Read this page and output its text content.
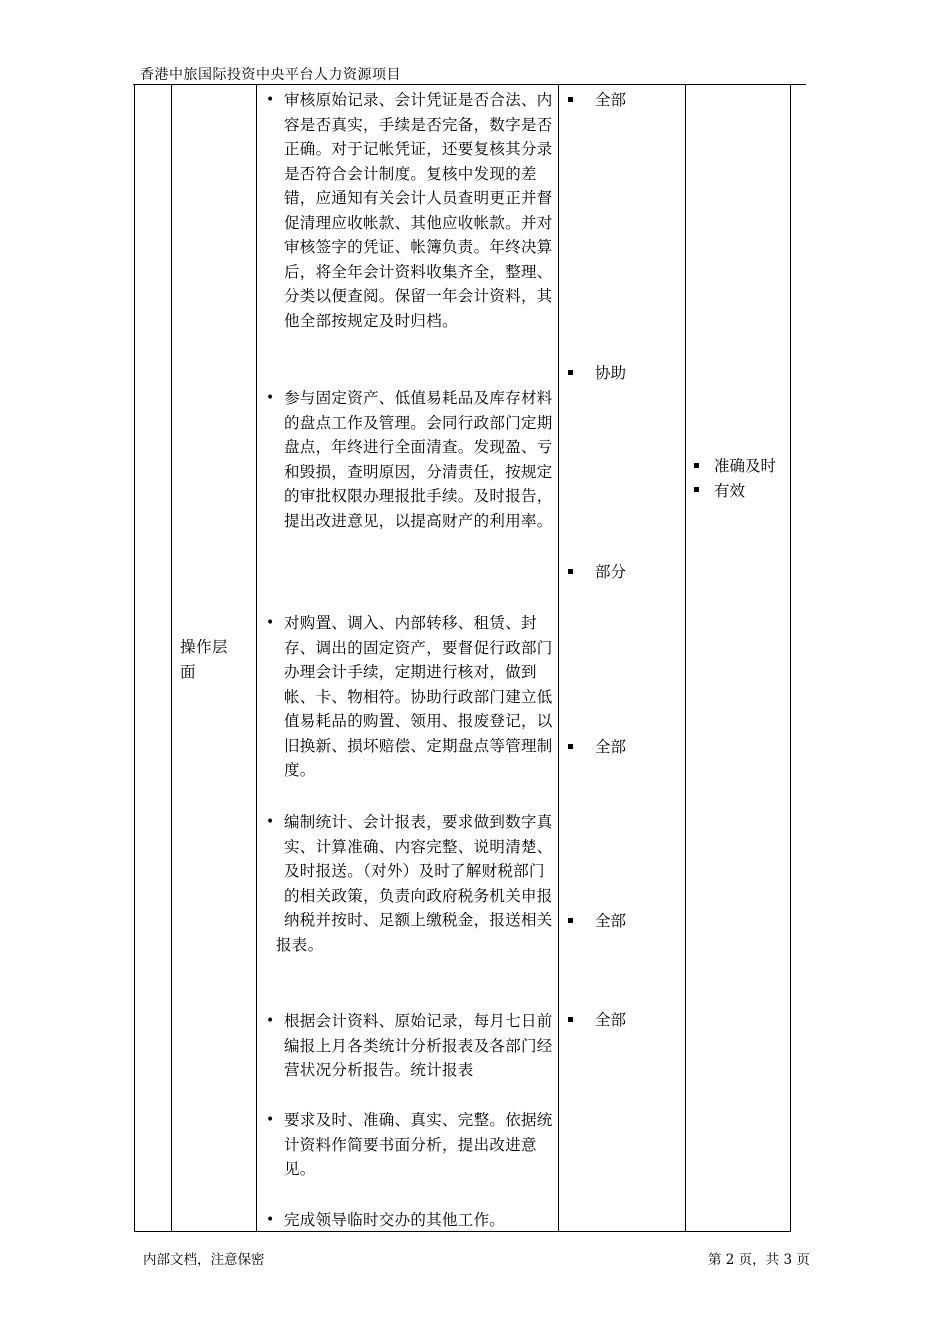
香港中旅国际投资中央平台人力资源项目
操作层面
• 审核原始记录、会计凭证是否合法、内容是否真实，手续是否完备，数字是否正确。对于记帐凭证，还要复核其分录是否符合会计制度。复核中发现的差错，应通知有关会计人员查明更正并督促清理应收帐款、其他应收帐款。并对审核签字的凭证、帐簿负责。年终决算后，将全年会计资料收集齐全，整理、分类以便查阅。保留一年会计资料，其他全部按规定及时归档。
• 参与固定资产、低值易耗品及库存材料的盘点工作及管理。会同行政部门定期盘点，年终进行全面清查。发现盈、亏和毁损，查明原因，分清责任，按规定的审批权限办理报批手续。及时报告，提出改进意见，以提高财产的利用率。
• 对购置、调入、内部转移、租赁、封存、调出的固定资产，要督促行政部门办理会计手续，定期进行核对，做到帐、卡、物相符。协助行政部门建立低值易耗品的购置、领用、报废登记，以旧换新、损坏赔偿、定期盘点等管理制度。
• 编制统计、会计报表，要求做到数字真实、计算准确、内容完整、说明清楚、及时报送。（对外）及时了解财税部门的相关政策，负责向政府税务机关申报纳税并按时、足额上缴税金，报送相关
报表。
• 根据会计资料、原始记录，每月七日前编报上月各类统计分析报表及各部门经营状况分析报告。统计报表
• 要求及时、准确、真实、完整。依据统计资料作简要书面分析，提出改进意见。
• 完成领导临时交办的其他工作。
全部
协助
部分
全部
全部
全部
准确及时
有效
内部文档，注意保密	第 2 页，共 3 页
